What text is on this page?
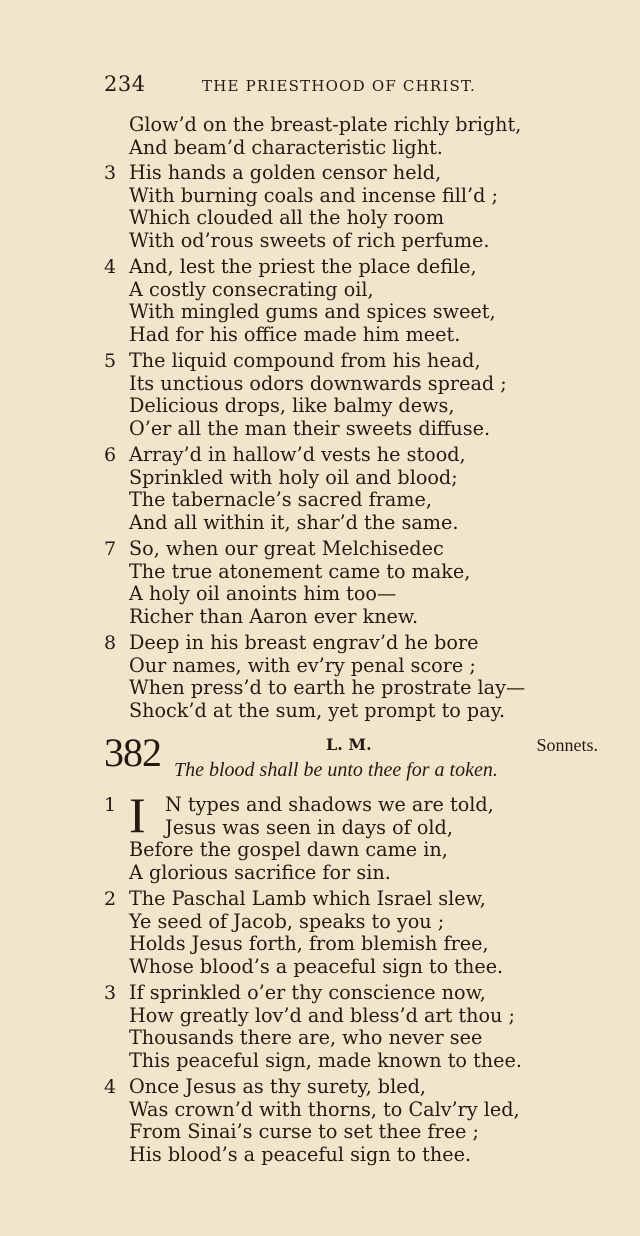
234	THE PRIESTHOOD OF CHRIST.
Glow’d on the breast-plate richly bright,
And beam’d characteristic light.
3 His hands a golden censor held,
With burning coals and incense fill’d ;
Which clouded all the holy room
With od’rous sweets of rich perfume.
4 And, lest the priest the place defile,
A costly consecrating oil,
With mingled gums and spices sweet,
Had for his office made him meet.
5 The liquid compound from his head,
Its unctious odors downwards spread ;
Delicious drops, like balmy dews,
O’er all the man their sweets diffuse.
6 Array’d in hallow’d vests he stood,
Sprinkled with holy oil and blood;
The tabernacle’s sacred frame,
And all within it, shar’d the same.
7 So, when our great Melchisedec
The true atonement came to make,
A holy oil anoints him too—
Richer than Aaron ever knew.
8 Deep in his breast engrav’d he bore
Our names, with ev’ry penal score ;
When press’d to earth he prostrate lay—
Shock’d at the sum, yet prompt to pay.
382	L. M.	Sonnets.
The blood shall be unto thee for a token.
1 I N types and shadows we are told,
Jesus was seen in days of old,
Before the gospel dawn came in,
A glorious sacrifice for sin.
2 The Paschal Lamb which Israel slew,
Ye seed of Jacob, speaks to you ;
Holds Jesus forth, from blemish free,
Whose blood’s a peaceful sign to thee.
3 If sprinkled o’er thy conscience now,
How greatly lov’d and bless’d art thou ;
Thousands there are, who never see
This peaceful sign, made known to thee.
4 Once Jesus as thy surety, bled,
Was crown’d with thorns, to Calv’ry led,
From Sinai’s curse to set thee free ;
His blood’s a peaceful sign to thee.
